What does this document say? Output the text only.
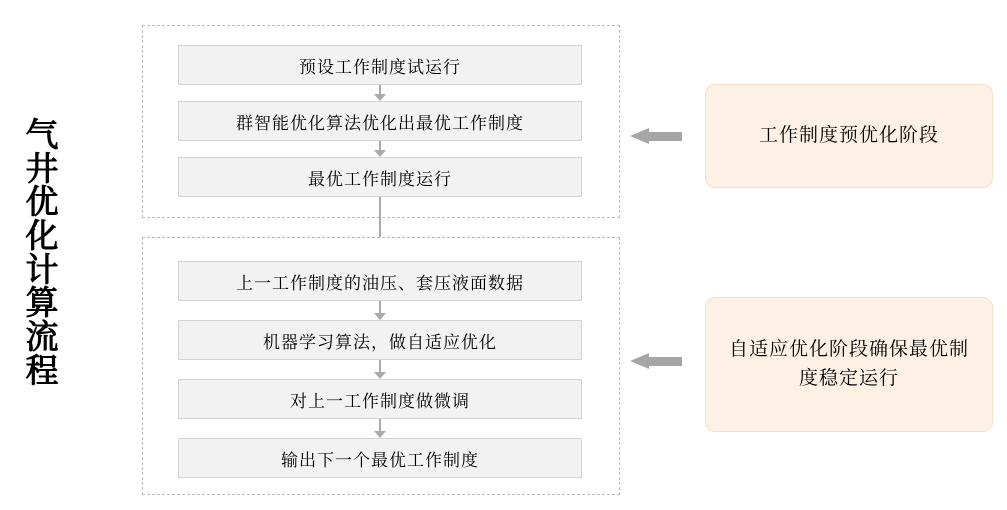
气井优化计算流程
预设工作制度试运行
群智能优化算法优化出最优工作制度
最优工作制度运行
上一工作制度的油压、套压液面数据
机器学习算法，做自适应优化
对上一工作制度做微调
输出下一个最优工作制度
工作制度预优化阶段
自适应优化阶段确保最优制度稳定运行
